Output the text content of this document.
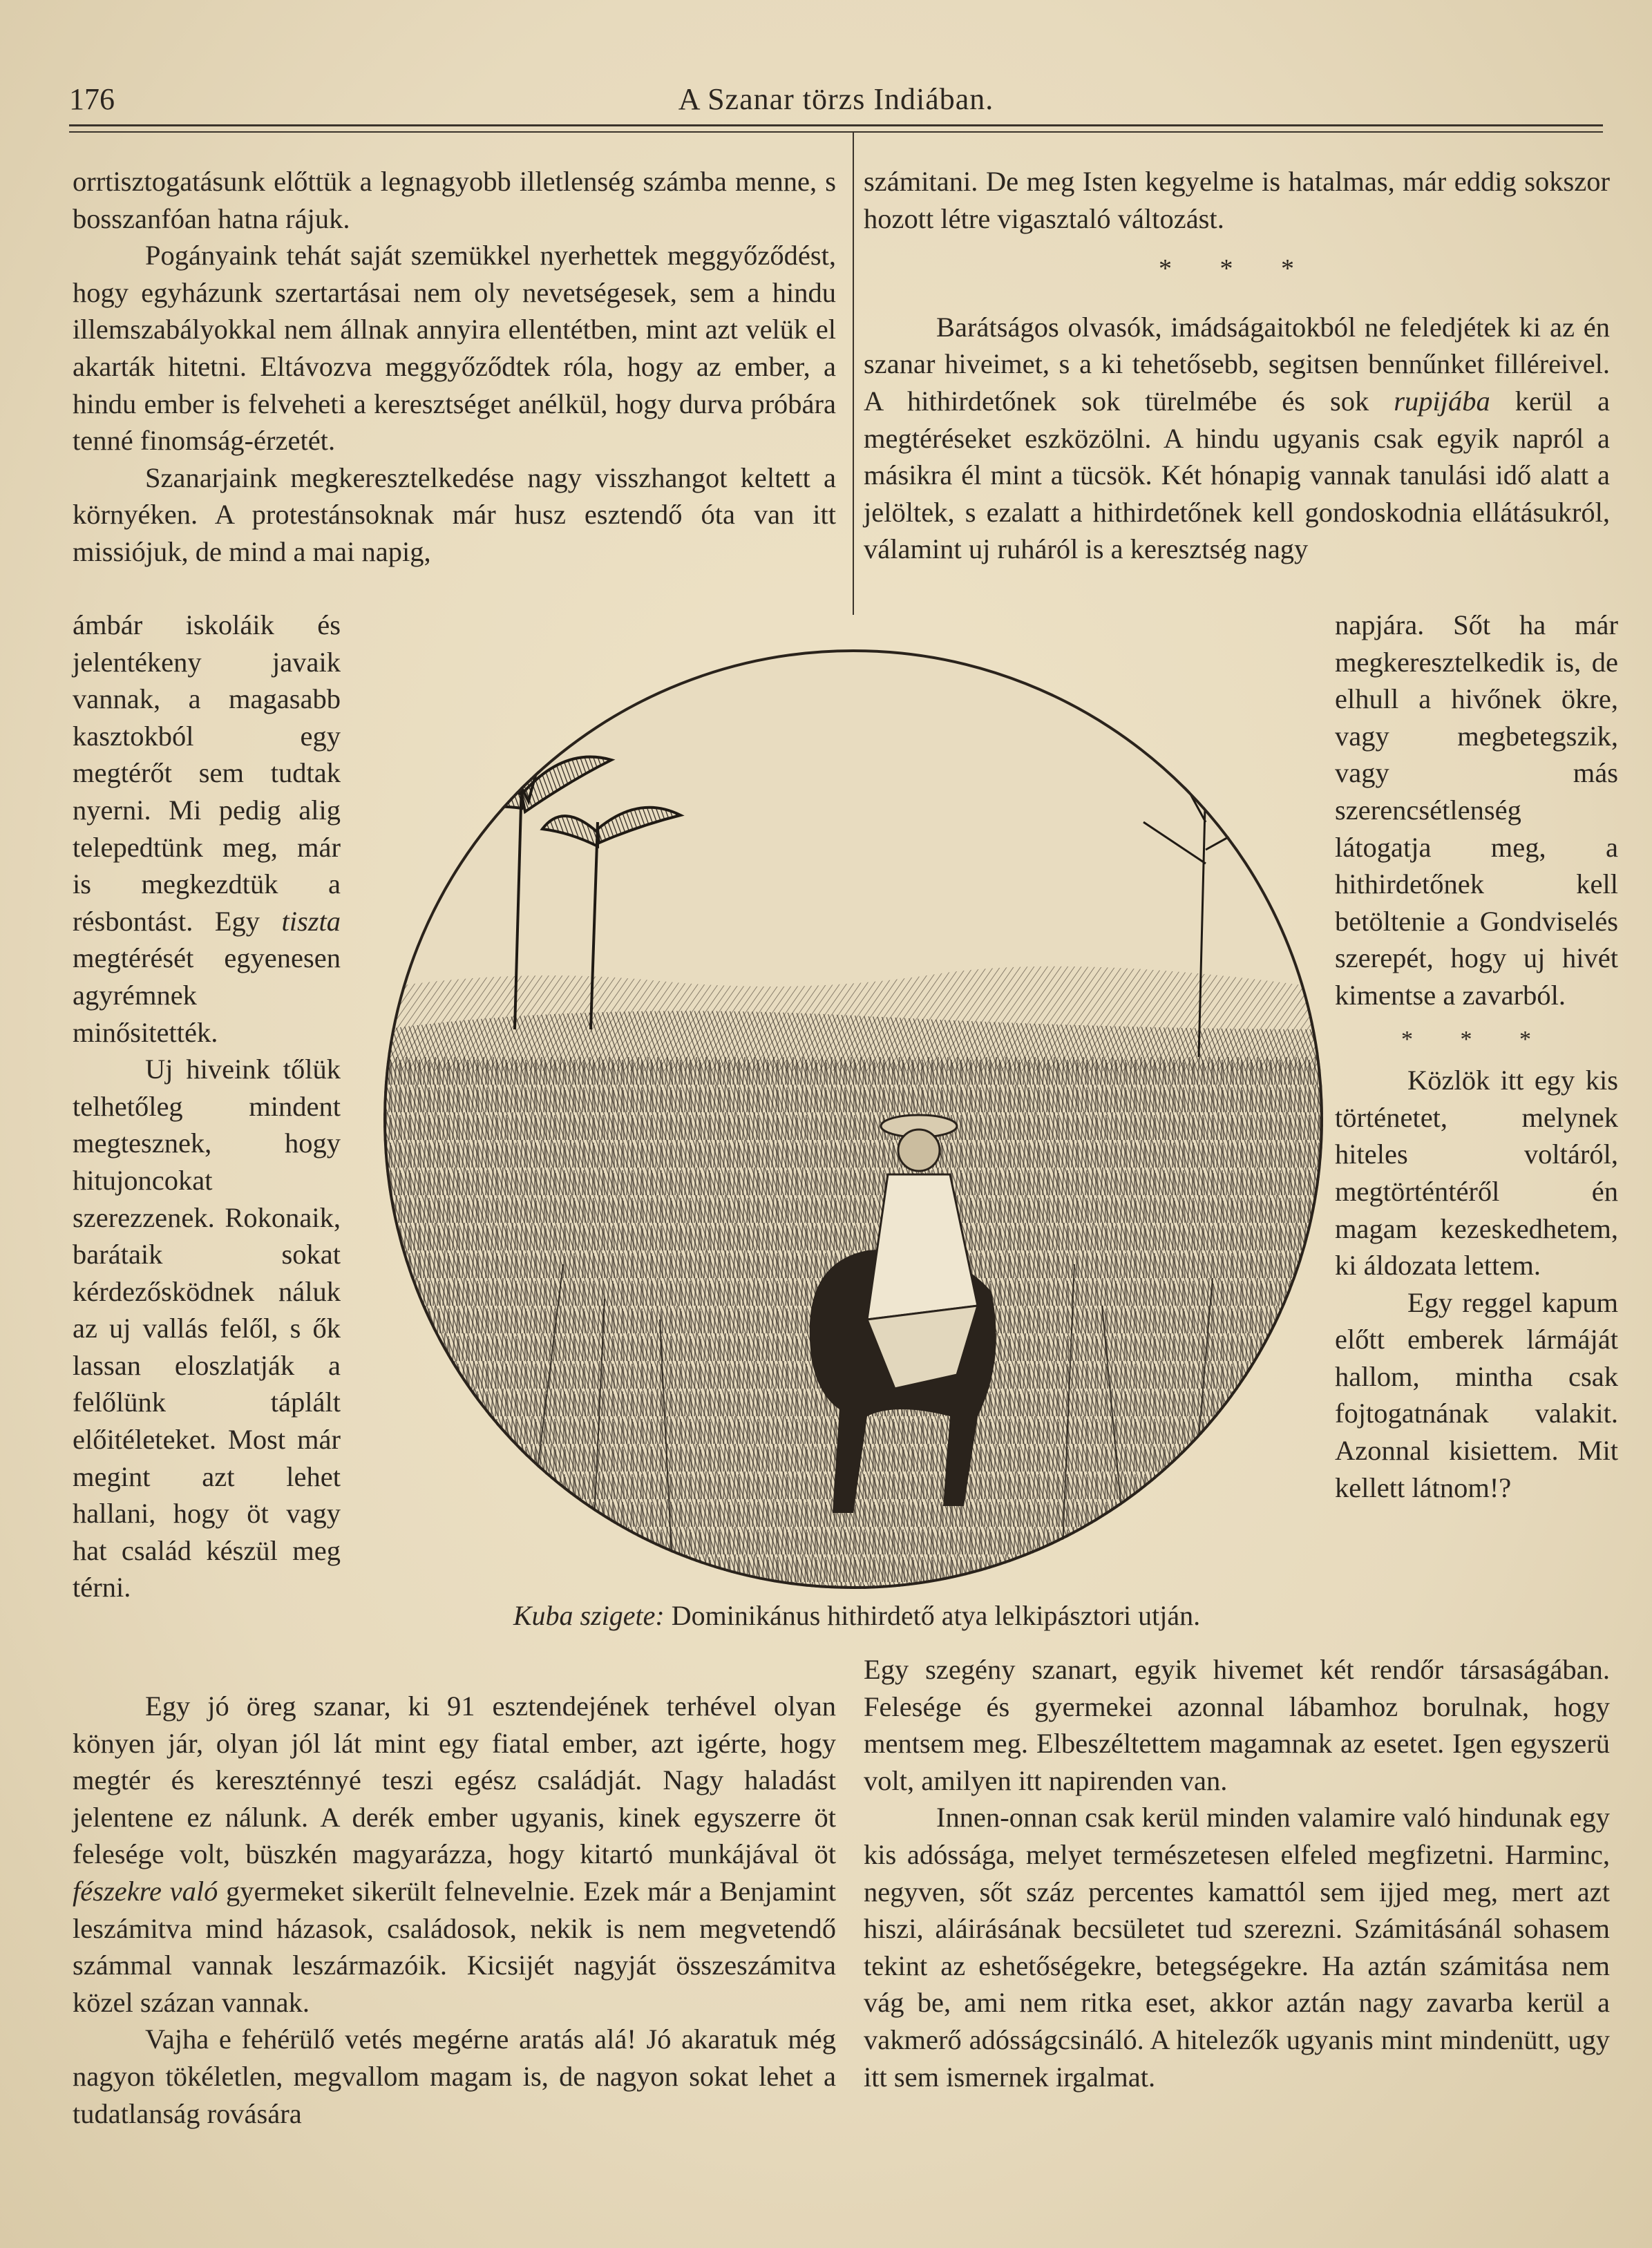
176	A Szanar törzs Indiában.

orrtisztogatásunk előttük a legnagyobb illetlenség számba menne, s bosszanfóan hatna rájuk.

Pogányaink tehát saját szemükkel nyerhettek meggyőződést, hogy egyházunk szertartásai nem oly nevetségesek, sem a hindu illemszabályokkal nem állnak annyira ellentétben, mint azt velük el akarták hitetni. Eltávozva meggyőződtek róla, hogy az ember, a hindu ember is felveheti a keresztséget anélkül, hogy durva próbára tenné finomság-érzetét.

Szanarjaink megkeresztelkedése nagy visszhangot keltett a környéken. A protestánsoknak már husz esztendő óta van itt missiójuk, de mind a mai napig,

ámbár iskoláik és jelentékeny javaik vannak, a magasabb kasztokból egy megtérőt sem tudtak nyerni. Mi pedig alig telepedtünk meg, már is megkezdtük a résbontást. Egy tiszta megtérését egyenesen agyrémnek minősitették.

Uj hiveink tőlük telhetőleg mindent megtesznek, hogy hitujoncokat szerezzenek. Rokonaik, barátaik sokat kérdezősködnek náluk az uj vallás felől, s ők lassan eloszlatják a felőlünk táplált előitéleteket. Most már megint azt lehet hallani, hogy öt vagy hat család készül meg térni.

Egy jó öreg szanar, ki 91 esztendejének terhével olyan könyen jár, olyan jól lát mint egy fiatal ember, azt igérte, hogy megtér és kereszténnyé teszi egész családját. Nagy haladást jelentene ez nálunk. A derék ember ugyanis, kinek egyszerre öt felesége volt, büszkén magyarázza, hogy kitartó munkájával öt fészekre való gyermeket sikerült felnevelnie. Ezek már a Benjamint leszámitva mind házasok, családosok, nekik is nem megvetendő számmal vannak leszármazóik. Kicsijét nagyját összeszámitva közel százan vannak.

Vajha e fehérülő vetés megérne aratás alá! Jó akaratuk még nagyon tökéletlen, megvallom magam is, de nagyon sokat lehet a tudatlanság rovására

számitani. De meg Isten kegyelme is hatalmas, már eddig sokszor hozott létre vigasztaló változást.

* * *

Barátságos olvasók, imádságaitokból ne feledjétek ki az én szanar hiveimet, s a ki tehetősebb, segitsen bennűnket filléreivel. A hithirdetőnek sok türelmébe és sok rupijába kerül a megtéréseket eszközölni. A hindu ugyanis csak egyik napról a másikra él mint a tücsök. Két hónapig vannak tanulási idő alatt a jelöltek, s ezalatt a hithirdetőnek kell gondoskodnia ellátásukról, válamint uj ruháról is a keresztség nagy

napjára. Sőt ha már megkeresztelkedik is, de elhull a hivőnek ökre, vagy megbetegszik, vagy más szerencsétlenség látogatja meg, a hithirdetőnek kell betöltenie a Gondviselés szerepét, hogy uj hivét kimentse a zavarból.

* * *

Közlök itt egy kis történetet, melynek hiteles voltáról, megtörténtéről én magam kezeskedhetem, ki áldozata lettem.

Egy reggel kapum előtt emberek lármáját hallom, mintha csak fojtogatnának valakit. Azonnal kisiettem. Mit kellett látnom!?

Egy szegény szanart, egyik hivemet két rendőr társaságában. Felesége és gyermekei azonnal lábamhoz borulnak, hogy mentsem meg. Elbeszéltettem magamnak az esetet. Igen egyszerü volt, amilyen itt napirenden van.

Innen-onnan csak kerül minden valamire való hindunak egy kis adóssága, melyet természetesen elfeled megfizetni. Harminc, negyven, sőt száz percentes kamattól sem ijjed meg, mert azt hiszi, aláirásának becsületet tud szerezni. Számitásánál sohasem tekint az eshetőségekre, betegségekre. Ha aztán számitása nem vág be, ami nem ritka eset, akkor aztán nagy zavarba kerül a vakmerő adósságcsináló. A hitelezők ugyanis mint mindenütt, ugy itt sem ismernek irgalmat.

Kuba szigete: Dominikánus hithirdető atya lelkipásztori utján.
